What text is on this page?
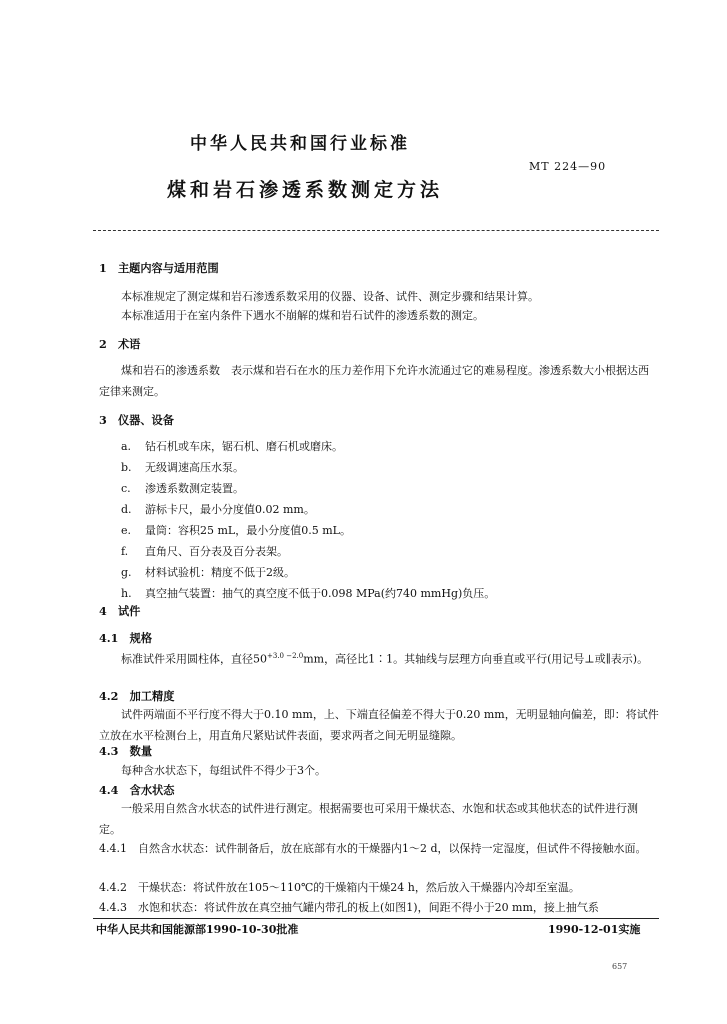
中华人民共和国行业标准
MT 224—90
煤和岩石渗透系数测定方法
1　主题内容与适用范围
本标准规定了测定煤和岩石渗透系数采用的仪器、设备、试件、测定步骤和结果计算。
本标准适用于在室内条件下遇水不崩解的煤和岩石试件的渗透系数的测定。
2　术语
煤和岩石的渗透系数　表示煤和岩石在水的压力差作用下允许水流通过它的难易程度。渗透系数大小根据达西定律来测定。
3　仪器、设备
a. 钻石机或车床，锯石机、磨石机或磨床。
b. 无级调速高压水泵。
c. 渗透系数测定装置。
d. 游标卡尺，最小分度值0.02 mm。
e. 量筒：容积25 mL，最小分度值0.5 mL。
f. 直角尺、百分表及百分表架。
g. 材料试验机：精度不低于2级。
h. 真空抽气装置：抽气的真空度不低于0.098 MPa(约740 mmHg)负压。
4　试件
4.1　规格
标准试件采用圆柱体，直径$50^{+3.0 -2.0}mm$，高径比1∶1。其轴线与层理方向垂直或平行(用记号⊥或∥表示)。
4.2　加工精度
试件两端面不平行度不得大于0.10 mm，上、下端直径偏差不得大于0.20 mm，无明显轴向偏差，即：将试件立放在水平检测台上，用直角尺紧贴试件表面，要求两者之间无明显缝隙。
4.3　数量
每种含水状态下，每组试件不得少于3个。
4.4　含水状态
一般采用自然含水状态的试件进行测定。根据需要也可采用干燥状态、水饱和状态或其他状态的试件进行测定。
4.4.1　自然含水状态：试件制备后，放在底部有水的干燥器内1～2 d，以保持一定湿度，但试件不得接触水面。
4.4.2　干燥状态：将试件放在105～110℃的干燥箱内干燥24 h，然后放入干燥器内冷却至室温。
4.4.3　水饱和状态：将试件放在真空抽气罐内带孔的板上(如图1)，间距不得小于20 mm，接上抽气系
中华人民共和国能源部1990-10-30批准	1990-12-01实施
657
